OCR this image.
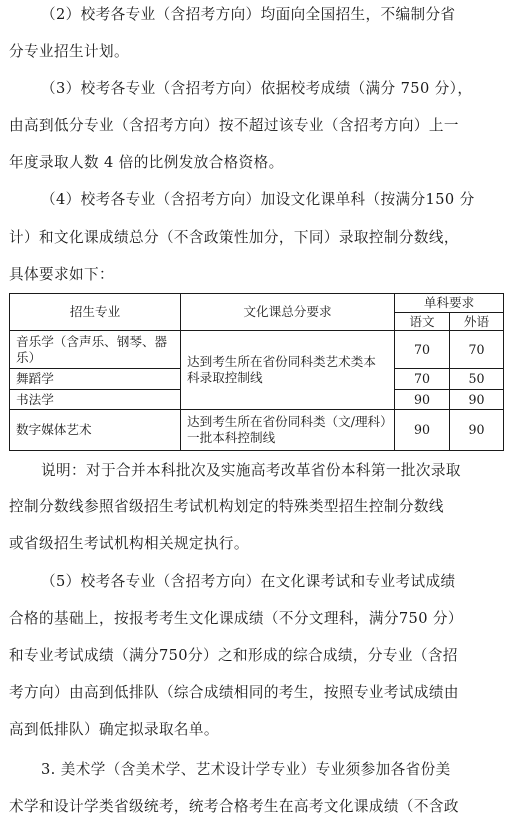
（2）校考各专业（含招考方向）均面向全国招生，不编制分省
分专业招生计划。
（3）校考各专业（含招考方向）依据校考成绩（满分 750 分），
由高到低分专业（含招考方向）按不超过该专业（含招考方向）上一
年度录取人数 4 倍的比例发放合格资格。
（4）校考各专业（含招考方向）加设文化课单科（按满分150 分
计）和文化课成绩总分（不含政策性加分，下同）录取控制分数线，
具体要求如下：
招生专业	文化课总分要求	单科要求	
		语文	外语
音乐学（含声乐、钢琴、器乐）	达到考生所在省份同科类艺术类本科录取控制线	70	70
舞蹈学		70	50
书法学		90	90
数字媒体艺术	达到考生所在省份同科类（文/理科）一批本科控制线	90	90
说明：对于合并本科批次及实施高考改革省份本科第一批次录取
控制分数线参照省级招生考试机构划定的特殊类型招生控制分数线
或省级招生考试机构相关规定执行。
（5）校考各专业（含招考方向）在文化课考试和专业考试成绩
合格的基础上，按报考考生文化课成绩（不分文理科，满分750 分）
和专业考试成绩（满分750分）之和形成的综合成绩，分专业（含招
考方向）由高到低排队（综合成绩相同的考生，按照专业考试成绩由
高到低排队）确定拟录取名单。
3. 美术学（含美术学、艺术设计学专业）专业须参加各省份美
术学和设计学类省级统考，统考合格考生在高考文化课成绩（不含政
